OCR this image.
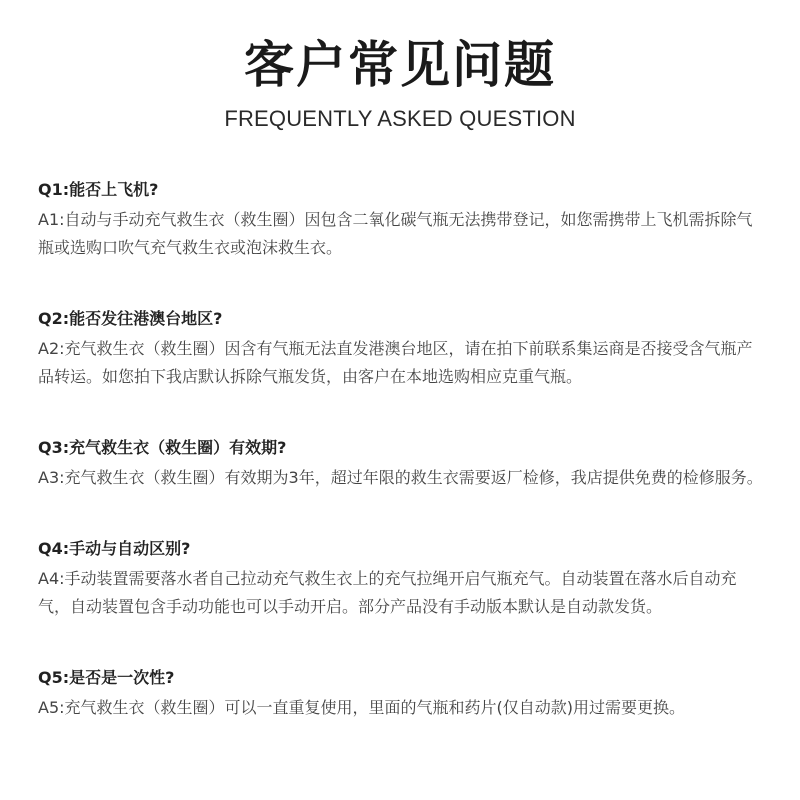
客户常见问题
FREQUENTLY ASKED QUESTION

Q1:能否上飞机?

A1:自动与手动充气救生衣（救生圈）因包含二氧化碳气瓶无法携带登记，如您需携带上飞机需拆除气瓶或选购口吹气充气救生衣或泡沫救生衣。

Q2:能否发往港澳台地区?

A2:充气救生衣（救生圈）因含有气瓶无法直发港澳台地区，请在拍下前联系集运商是否接受含气瓶产品转运。如您拍下我店默认拆除气瓶发货，由客户在本地选购相应克重气瓶。

Q3:充气救生衣（救生圈）有效期?

A3:充气救生衣（救生圈）有效期为3年，超过年限的救生衣需要返厂检修，我店提供免费的检修服务。

Q4:手动与自动区别?

A4:手动装置需要落水者自己拉动充气救生衣上的充气拉绳开启气瓶充气。自动装置在落水后自动充气，自动装置包含手动功能也可以手动开启。部分产品没有手动版本默认是自动款发货。

Q5:是否是一次性?

A5:充气救生衣（救生圈）可以一直重复使用，里面的气瓶和药片(仅自动款)用过需要更换。
